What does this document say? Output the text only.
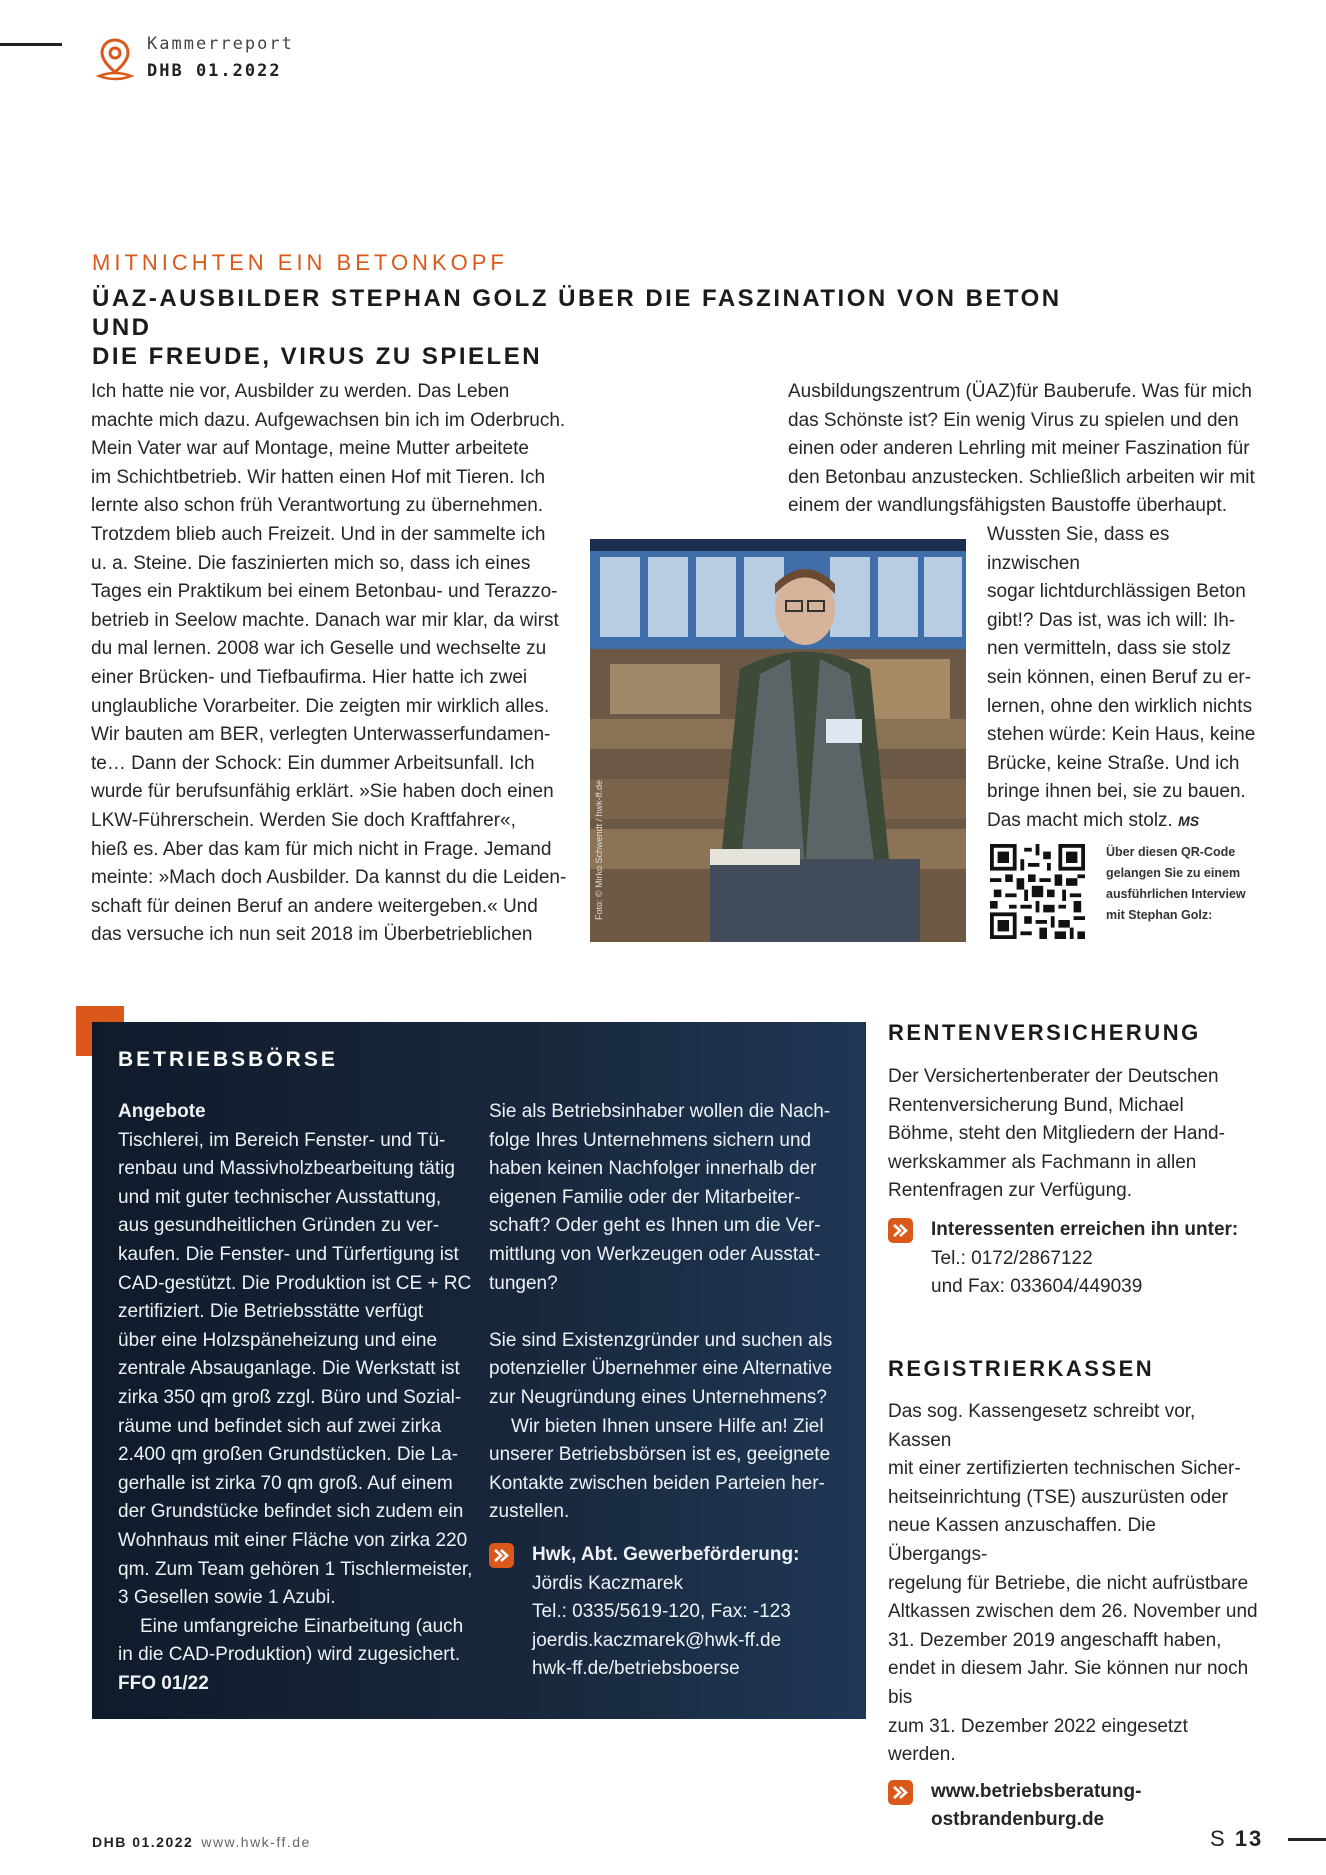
Kammerreport
DHB 01.2022
MITNICHTEN EIN BETONKOPF
ÜAZ-AUSBILDER STEPHAN GOLZ ÜBER DIE FASZINATION VON BETON UND
DIE FREUDE, VIRUS ZU SPIELEN

Ich hatte nie vor, Ausbilder zu werden. Das Leben

machte mich dazu. Aufgewachsen bin ich im Oderbruch.

Mein Vater war auf Montage, meine Mutter arbeitete

im Schichtbetrieb. Wir hatten einen Hof mit Tieren. Ich

lernte also schon früh Verantwortung zu übernehmen.

Trotzdem blieb auch Freizeit. Und in der sammelte ich

u. a. Steine. Die faszinierten mich so, dass ich eines

Tages ein Praktikum bei einem Betonbau- und Terazzo-

betrieb in Seelow machte. Danach war mir klar, da wirst

du mal lernen. 2008 war ich Geselle und wechselte zu

einer Brücken- und Tiefbaufirma. Hier hatte ich zwei

unglaubliche Vorarbeiter. Die zeigten mir wirklich alles.

Wir bauten am BER, verlegten Unterwasserfundamen-

te… Dann der Schock: Ein dummer Arbeitsunfall. Ich

wurde für berufsunfähig erklärt. »Sie haben doch einen

LKW-Führerschein. Werden Sie doch Kraftfahrer«,

hieß es. Aber das kam für mich nicht in Frage. Jemand

meinte: »Mach doch Ausbilder. Da kannst du die Leiden-

schaft für deinen Beruf an andere weitergeben.« Und

das versuche ich nun seit 2018 im Überbetrieblichen

Ausbildungszentrum (ÜAZ)für Bauberufe. Was für mich

das Schönste ist? Ein wenig Virus zu spielen und den

einen oder anderen Lehrling mit meiner Faszination für

den Betonbau anzustecken. Schließlich arbeiten wir mit

einem der wandlungsfähigsten Baustoffe überhaupt.

Wussten Sie, dass es inzwischen

sogar lichtdurchlässigen Beton

gibt!? Das ist, was ich will: Ih-

nen vermitteln, dass sie stolz

sein können, einen Beruf zu er-

lernen, ohne den wirklich nichts

stehen würde: Kein Haus, keine

Brücke, keine Straße. Und ich

bringe ihnen bei, sie zu bauen.

Das macht mich stolz. MS

Foto: © Mirko Schwendt / hwk-ff.de	Über diesen QR-Code
gelangen Sie zu einem
ausführlichen Interview
mit Stephan Golz:
BETRIEBSBÖRSE

Angebote

Tischlerei, im Bereich Fenster- und Tü-

renbau und Massivholzbearbeitung tätig

und mit guter technischer Ausstattung,

aus gesundheitlichen Gründen zu ver-

kaufen. Die Fenster- und Türfertigung ist

CAD-gestützt. Die Produktion ist CE + RC

zertifiziert. Die Betriebsstätte verfügt

über eine Holzspäneheizung und eine

zentrale Absauganlage. Die Werkstatt ist

zirka 350 qm groß zzgl. Büro und Sozial-

räume und befindet sich auf zwei zirka

2.400 qm großen Grundstücken. Die La-

gerhalle ist zirka 70 qm groß. Auf einem

der Grundstücke befindet sich zudem ein

Wohnhaus mit einer Fläche von zirka 220

qm. Zum Team gehören 1 Tischlermeister,

3 Gesellen sowie 1 Azubi.

Eine umfangreiche Einarbeitung (auch

in die CAD-Produktion) wird zugesichert.

FFO 01/22

Sie als Betriebsinhaber wollen die Nach-

folge Ihres Unternehmens sichern und

haben keinen Nachfolger innerhalb der

eigenen Familie oder der Mitarbeiter-

schaft? Oder geht es Ihnen um die Ver-

mittlung von Werkzeugen oder Ausstat-

tungen?

Sie sind Existenzgründer und suchen als

potenzieller Übernehmer eine Alternative

zur Neugründung eines Unternehmens?

Wir bieten Ihnen unsere Hilfe an! Ziel

unserer Betriebsbörsen ist es, geeignete

Kontakte zwischen beiden Parteien her-

zustellen.

Hwk, Abt. Gewerbeförderung:

Jördis Kaczmarek

Tel.: 0335/5619-120, Fax: -123

joerdis.kaczmarek@hwk-ff.de

hwk-ff.de/betriebsboerse

RENTENVERSICHERUNG

Der Versichertenberater der Deutschen

Rentenversicherung Bund, Michael

Böhme, steht den Mitgliedern der Hand-

werkskammer als Fachmann in allen

Rentenfragen zur Verfügung.

Interessenten erreichen ihn unter:

Tel.: 0172/2867122

und Fax: 033604/449039

REGISTRIERKASSEN

Das sog. Kassengesetz schreibt vor, Kassen

mit einer zertifizierten technischen Sicher-

heitseinrichtung (TSE) auszurüsten oder

neue Kassen anzuschaffen. Die Übergangs-

regelung für Betriebe, die nicht aufrüstbare

Altkassen zwischen dem 26. November und

31. Dezember 2019 angeschafft haben,

endet in diesem Jahr. Sie können nur noch bis

zum 31. Dezember 2022 eingesetzt werden.

www.betriebsberatung-

ostbrandenburg.de

DHB 01.2022 www.hwk-ff.de	S 13
